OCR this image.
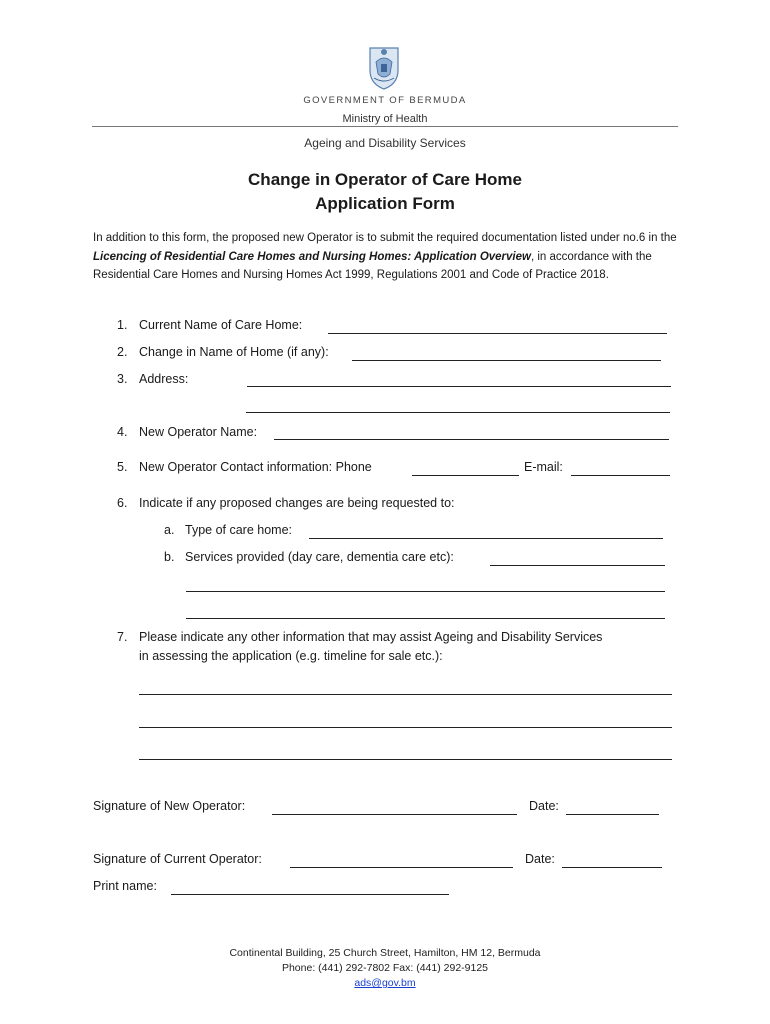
GOVERNMENT OF BERMUDA
Ministry of Health
Ageing and Disability Services
Change in Operator of Care Home
Application Form
In addition to this form, the proposed new Operator is to submit the required documentation listed under no.6 in the Licencing of Residential Care Homes and Nursing Homes: Application Overview, in accordance with the Residential Care Homes and Nursing Homes Act 1999, Regulations 2001 and Code of Practice 2018.
1. Current Name of Care Home:
2. Change in Name of Home (if any):
3. Address:
4. New Operator Name:
5. New Operator Contact information: Phone	E-mail:
6. Indicate if any proposed changes are being requested to:
a. Type of care home:
b. Services provided (day care, dementia care etc):
7. Please indicate any other information that may assist Ageing and Disability Services
in assessing the application (e.g. timeline for sale etc.):
Signature of New Operator:	Date:
Signature of Current Operator:	Date:
Print name:
Continental Building, 25 Church Street, Hamilton, HM 12, Bermuda
Phone: (441) 292-7802 Fax: (441) 292-9125
ads@gov.bm
